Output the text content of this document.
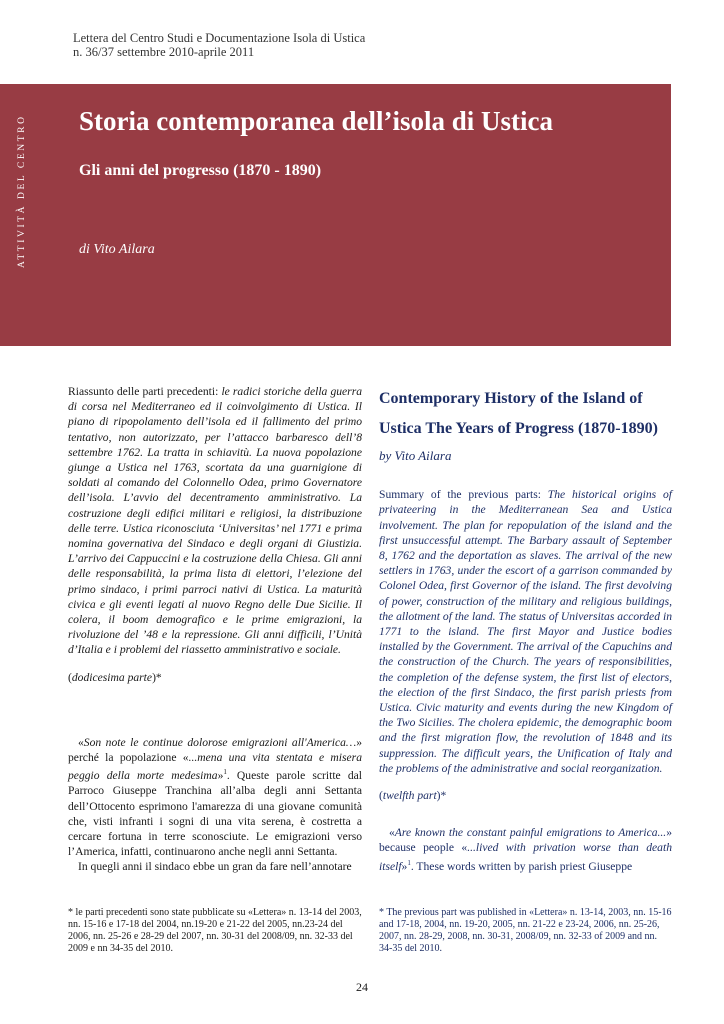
Lettera del Centro Studi e Documentazione Isola di Ustica
n. 36/37 settembre 2010-aprile 2011
ATTIVITÀ DEL CENTRO Storia contemporanea dell’isola di Ustica
Gli anni del progresso (1870 - 1890)
di Vito Ailara

Riassunto delle parti precedenti: le radici storiche della guerra di corsa nel Mediterraneo ed il coinvolgimento di Ustica. Il piano di ripopolamento dell’isola ed il fallimento del primo tentativo, non autorizzato, per l’attacco barbaresco dell’8 settembre 1762. La tratta in schiavitù. La nuova popolazione giunge a Ustica nel 1763, scortata da una guarnigione di soldati al comando del Colonnello Odea, primo Governatore dell’isola. L’avvio del decentramento amministrativo. La costruzione degli edifici militari e religiosi, la distribuzione delle terre. Ustica riconosciuta ‘Universitas’ nel 1771 e prima nomina governativa del Sindaco e degli organi di Giustizia. L’arrivo dei Cappuccini e la costruzione della Chiesa. Gli anni delle responsabilità, la prima lista di elettori, l’elezione del primo sindaco, i primi parroci nativi di Ustica. La maturità civica e gli eventi legati al nuovo Regno delle Due Sicilie. Il colera, il boom demografico e le prime emigrazioni, la rivoluzione del ’48 e la repressione. Gli anni difficili, l’Unità d’Italia e i problemi del riassetto amministrativo e sociale.

(dodicesima parte)*

«Son note le continue dolorose emigrazioni all'America…» perché la popolazione «...mena una vita stentata e misera peggio della morte medesima»$^1$. Queste parole scritte dal Parroco Giuseppe Tranchina all’alba degli anni Settanta dell’Ottocento esprimono l'amarezza di una giovane comunità che, visti infranti i sogni di una vita serena, è costretta a cercare fortuna in terre sconosciute. Le emigrazioni verso l’America, infatti, continuarono anche negli anni Settanta.

In quegli anni il sindaco ebbe un gran da fare nell’annotare

Contemporary History of the Island of Ustica The Years of Progress (1870-1890)
by Vito Ailara

Summary of the previous parts: The historical origins of privateering in the Mediterranean Sea and Ustica involvement. The plan for repopulation of the island and the first unsuccessful attempt. The Barbary assault of September 8, 1762 and the deportation as slaves. The arrival of the new settlers in 1763, under the escort of a garrison commanded by Colonel Odea, first Governor of the island. The first devolving of power, construction of the military and religious buildings, the allotment of the land. The status of Universitas accorded in 1771 to the island. The first Mayor and Justice bodies installed by the Government. The arrival of the Capuchins and the construction of the Church. The years of responsibilities, the completion of the defense system, the first list of electors, the election of the first Sindaco, the first parish priests from Ustica. Civic maturity and events during the new Kingdom of the Two Sicilies. The cholera epidemic, the demographic boom and the first migration flow, the revolution of 1848 and its suppression. The difficult years, the Unification of Italy and the problems of the administrative and social reorganization.

(twelfth part)*

«Are known the constant painful emigrations to America...» because people «...lived with privation worse than death itself»$^1$. These words written by parish priest Giuseppe

* le parti precedenti sono state pubblicate su «Lettera» n. 13-14 del 2003, nn. 15-16 e 17-18 del 2004, nn.19-20 e 21-22 del 2005, nn.23-24 del 2006, nn. 25-26 e 28-29 del 2007, nn. 30-31 del 2008/09, nn. 32-33 del 2009 e nn 34-35 del 2010.
* The previous part was published in «Lettera» n. 13-14, 2003, nn. 15-16 and 17-18, 2004, nn. 19-20, 2005, nn. 21-22 e 23-24, 2006, nn. 25-26, 2007, nn. 28-29, 2008, nn. 30-31, 2008/09, nn. 32-33 of 2009 and nn. 34-35 del 2010.
24
